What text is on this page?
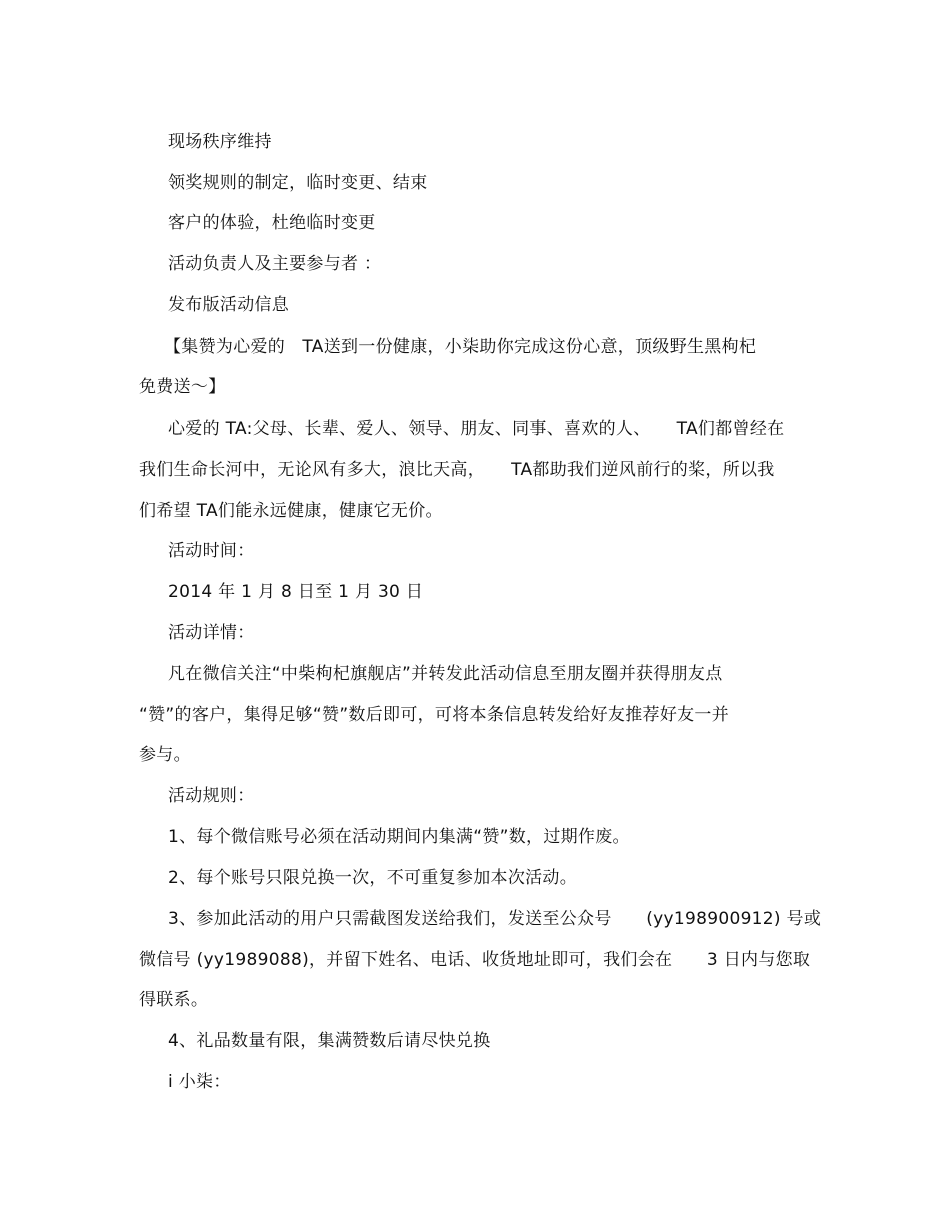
现场秩序维持
领奖规则的制定，临时变更、结束
客户的体验，杜绝临时变更
活动负责人及主要参与者 ：
发布版活动信息
【集赞为心爱的　TA送到一份健康，小柒助你完成这份心意，顶级野生黑枸杞
免费送～】
心爱的 TA:父母、长辈、爱人、领导、朋友、同事、喜欢的人、　　TA们都曾经在
我们生命长河中，无论风有多大，浪比天高，　　TA都助我们逆风前行的桨，所以我
们希望 TA们能永远健康，健康它无价。
活动时间：
2014 年 1 月 8 日至 1 月 30 日
活动详情：
凡在微信关注“中柴枸杞旗舰店”并转发此活动信息至朋友圈并获得朋友点
“赞”的客户，集得足够“赞”数后即可，可将本条信息转发给好友推荐好友一并
参与。
活动规则：
1、每个微信账号必须在活动期间内集满“赞”数，过期作废。
2、每个账号只限兑换一次，不可重复参加本次活动。
3、参加此活动的用户只需截图发送给我们，发送至公众号　　(yy198900912) 号或
微信号 (yy1989088)，并留下姓名、电话、收货地址即可，我们会在　　3 日内与您取
得联系。
4、礼品数量有限，集满赞数后请尽快兑换
i 小柒：
